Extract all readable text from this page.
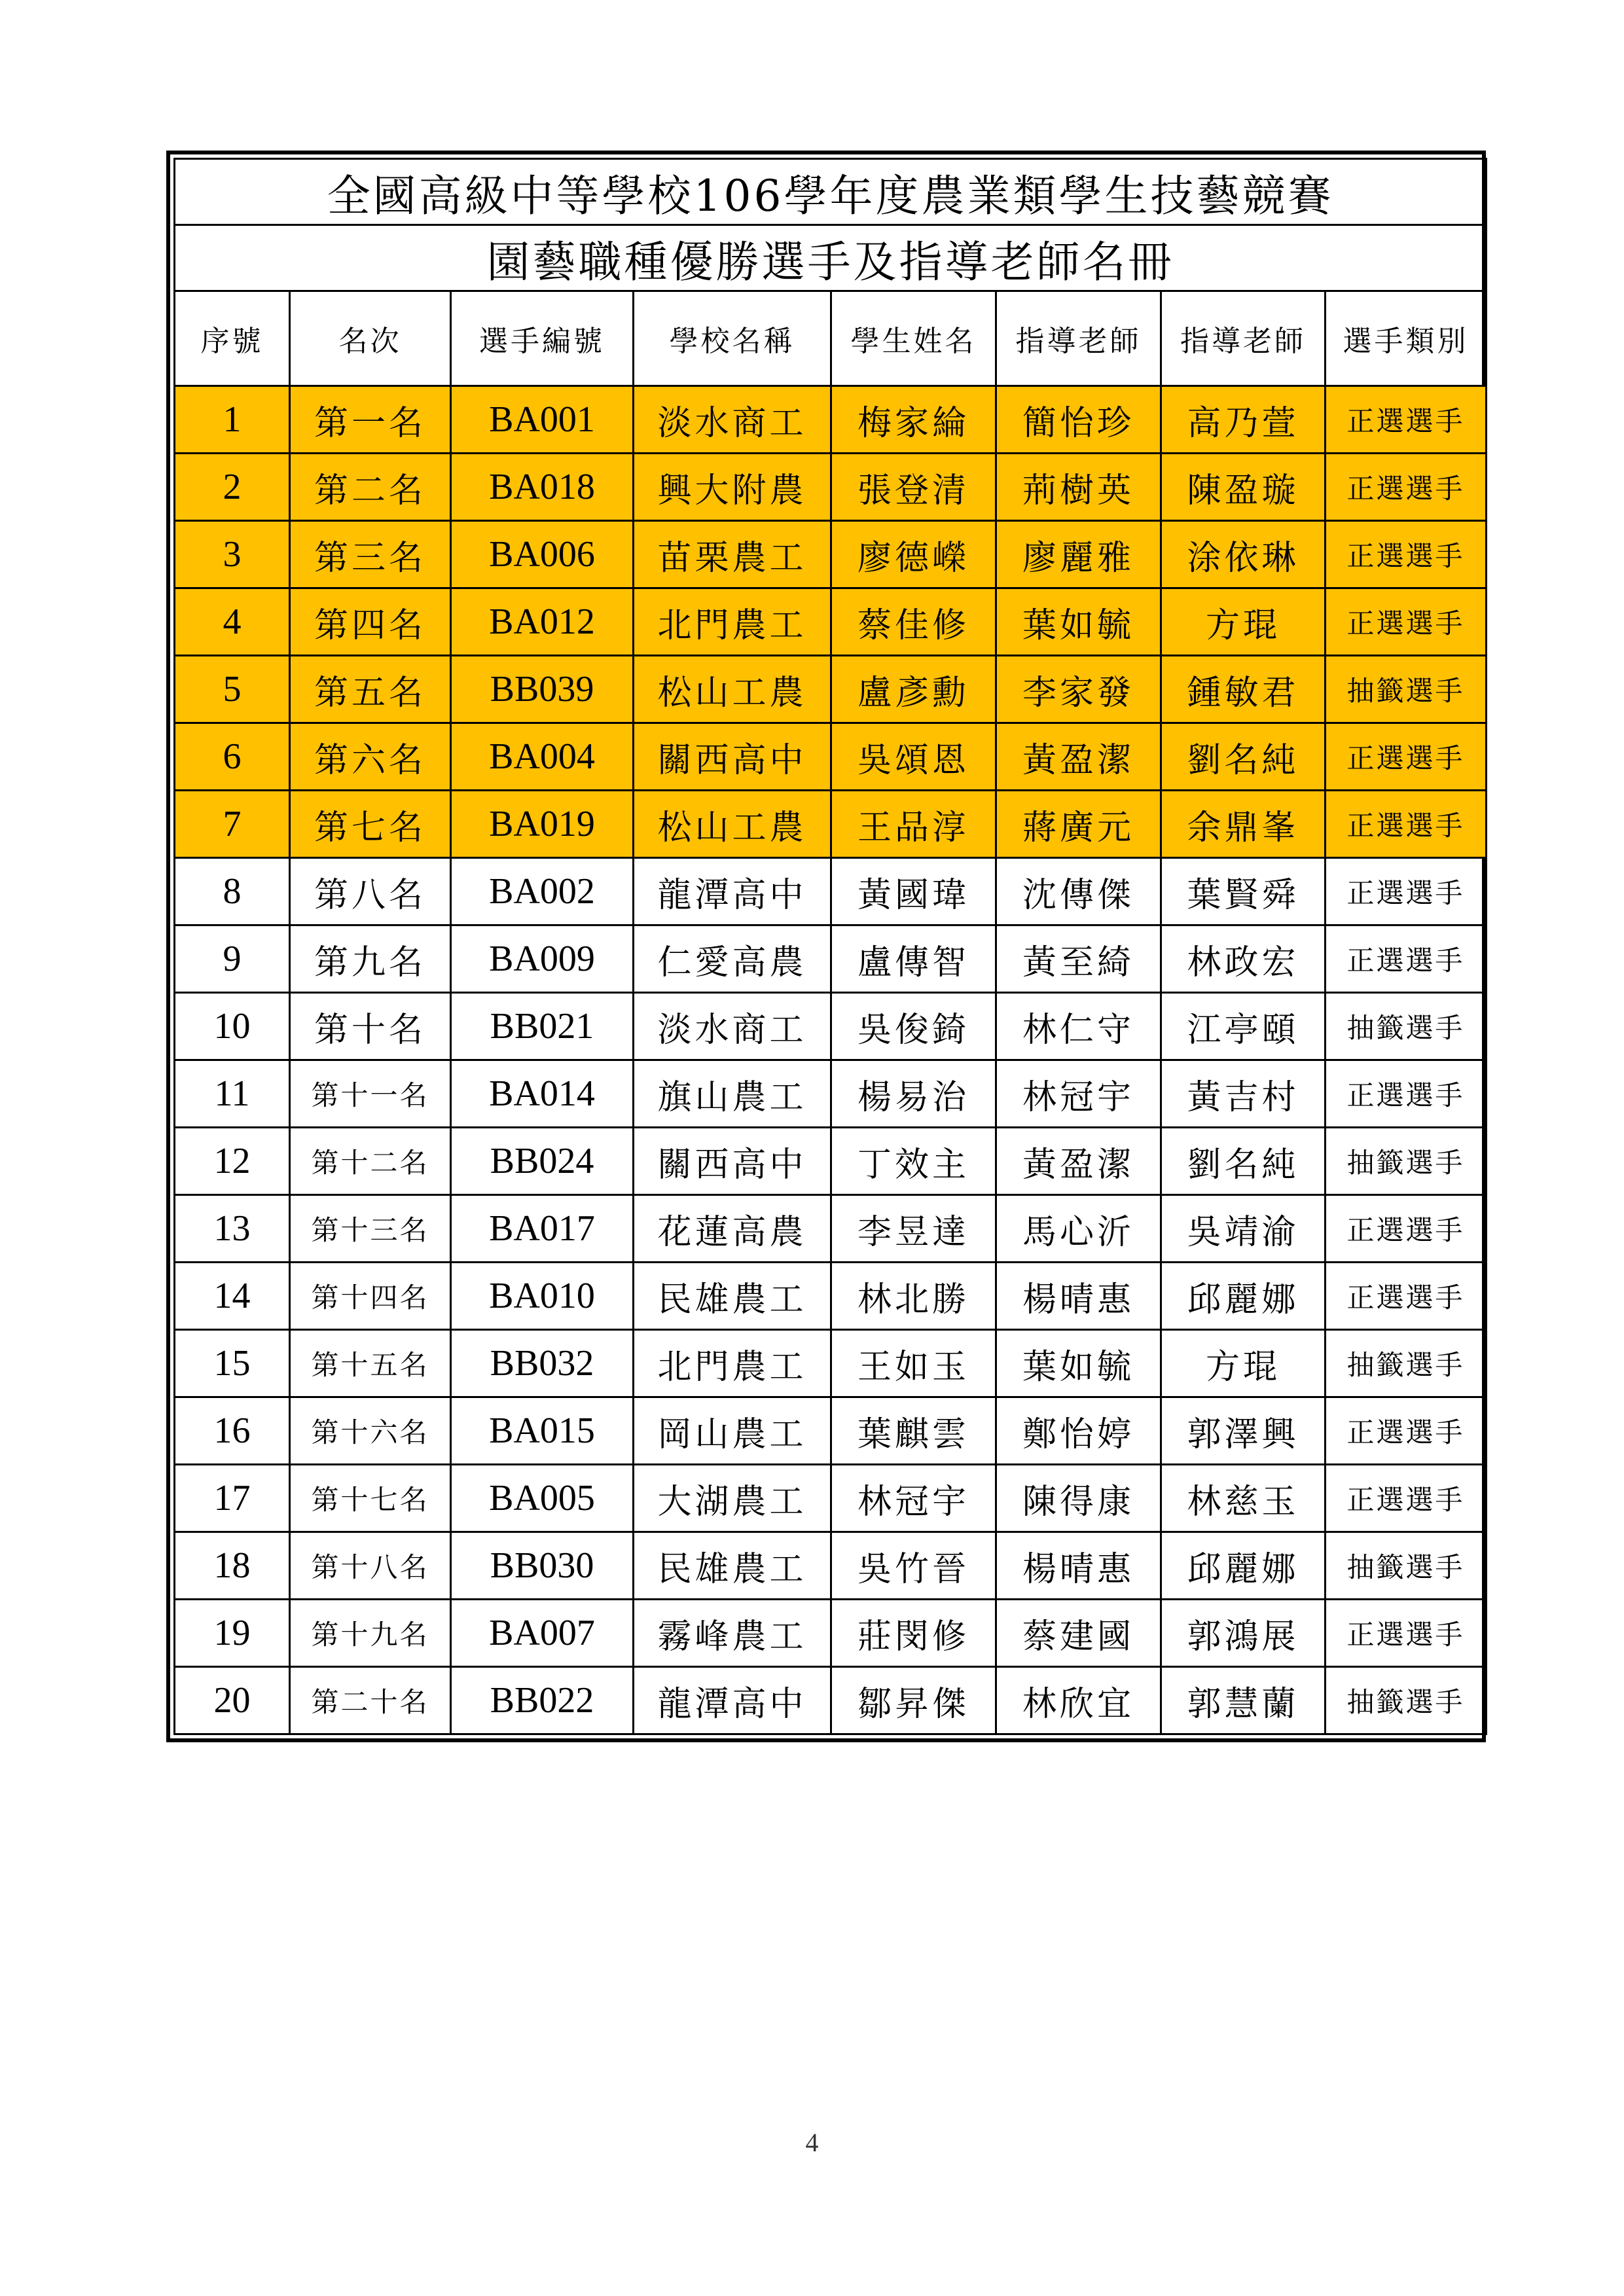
全國高級中等學校106學年度農業類學生技藝競賽							
園藝職種優勝選手及指導老師名冊							
序號	名次	選手編號	學校名稱	學生姓名	指導老師	指導老師	選手類別
1	第一名	BA001	淡水商工	梅家綸	簡怡珍	高乃萱	正選選手
2	第二名	BA018	興大附農	張登清	荊樹英	陳盈璇	正選選手
3	第三名	BA006	苗栗農工	廖德嶸	廖麗雅	涂依琳	正選選手
4	第四名	BA012	北門農工	蔡佳修	葉如毓	方琨	正選選手
5	第五名	BB039	松山工農	盧彥勳	李家發	鍾敏君	抽籤選手
6	第六名	BA004	關西高中	吳頌恩	黃盈潔	劉名純	正選選手
7	第七名	BA019	松山工農	王品淳	蔣廣元	余鼎峯	正選選手
8	第八名	BA002	龍潭高中	黃國瑋	沈傳傑	葉賢舜	正選選手
9	第九名	BA009	仁愛高農	盧傳智	黃至綺	林政宏	正選選手
10	第十名	BB021	淡水商工	吳俊錡	林仁守	江亭頤	抽籤選手
11	第十一名	BA014	旗山農工	楊易治	林冠宇	黃吉村	正選選手
12	第十二名	BB024	關西高中	丁效主	黃盈潔	劉名純	抽籤選手
13	第十三名	BA017	花蓮高農	李昱達	馬心沂	吳靖渝	正選選手
14	第十四名	BA010	民雄農工	林北勝	楊晴惠	邱麗娜	正選選手
15	第十五名	BB032	北門農工	王如玉	葉如毓	方琨	抽籤選手
16	第十六名	BA015	岡山農工	葉麒雲	鄭怡婷	郭澤興	正選選手
17	第十七名	BA005	大湖農工	林冠宇	陳得康	林慈玉	正選選手
18	第十八名	BB030	民雄農工	吳竹晉	楊晴惠	邱麗娜	抽籤選手
19	第十九名	BA007	霧峰農工	莊閔修	蔡建國	郭鴻展	正選選手
20	第二十名	BB022	龍潭高中	鄒昇傑	林欣宜	郭慧蘭	抽籤選手
4
